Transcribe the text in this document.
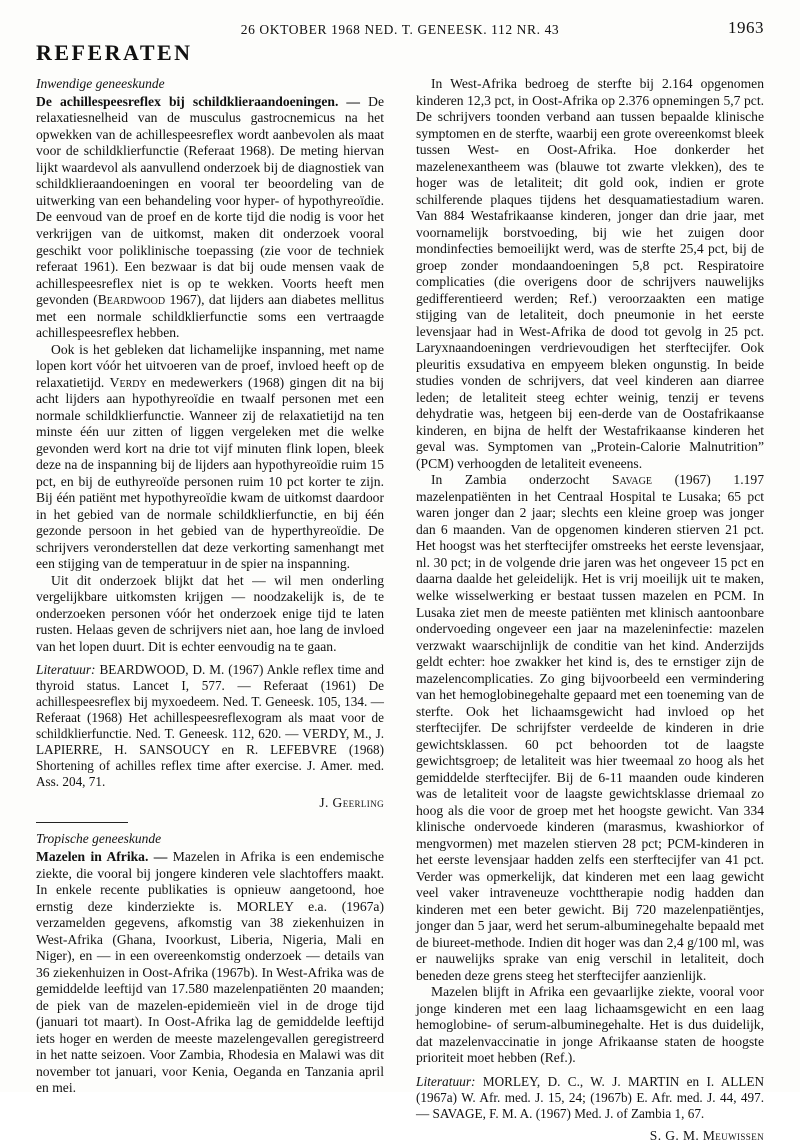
26 OKTOBER 1968 NED. T. GENEESK. 112 NR. 43	1963
REFERATEN
Inwendige geneeskunde

De achillespeesreflex bij schildklieraandoeningen. — De relaxatiesnelheid van de musculus gastrocnemicus na het opwekken van de achillespeesreflex wordt aanbevolen als maat voor de schildklierfunctie (Referaat 1968). De meting hiervan lijkt waardevol als aanvullend onderzoek bij de diagnostiek van schildklieraandoeningen en vooral ter beoordeling van de uitwerking van een behandeling voor hyper- of hypothyreoïdie. De eenvoud van de proef en de korte tijd die nodig is voor het verkrijgen van de uitkomst, maken dit onderzoek vooral geschikt voor poliklinische toepassing (zie voor de techniek referaat 1961). Een bezwaar is dat bij oude mensen vaak de achillespeesreflex niet is op te wekken. Voorts heeft men gevonden (Beardwood 1967), dat lijders aan diabetes mellitus met een normale schildklierfunctie soms een vertraagde achillespeesreflex hebben.

Ook is het gebleken dat lichamelijke inspanning, met name lopen kort vóór het uitvoeren van de proef, invloed heeft op de relaxatietijd. Verdy en medewerkers (1968) gingen dit na bij acht lijders aan hypothyreoïdie en twaalf personen met een normale schildklierfunctie. Wanneer zij de relaxatietijd na ten minste één uur zitten of liggen vergeleken met die welke gevonden werd kort na drie tot vijf minuten flink lopen, bleek deze na de inspanning bij de lijders aan hypothyreoïdie ruim 15 pct, en bij de euthyreoïde personen ruim 10 pct korter te zijn. Bij één patiënt met hypothyreoïdie kwam de uitkomst daardoor in het gebied van de normale schildklierfunctie, en bij één gezonde persoon in het gebied van de hyperthyreoïdie. De schrijvers veronderstellen dat deze verkorting samenhangt met een stijging van de temperatuur in de spier na inspanning.

Uit dit onderzoek blijkt dat het — wil men onderling vergelijkbare uitkomsten krijgen — noodzakelijk is, de te onderzoeken personen vóór het onderzoek enige tijd te laten rusten. Helaas geven de schrijvers niet aan, hoe lang de invloed van het lopen duurt. Dit is echter eenvoudig na te gaan.

Literatuur: BEARDWOOD, D. M. (1967) Ankle reflex time and thyroid status. Lancet I, 577. — Referaat (1961) De achillespeesreflex bij myxoedeem. Ned. T. Geneesk. 105, 134. — Referaat (1968) Het achillespeesreflexogram als maat voor de schildklierfunctie. Ned. T. Geneesk. 112, 620. — VERDY, M., J. LAPIERRE, H. SANSOUCY en R. LEFEBVRE (1968) Shortening of achilles reflex time after exercise. J. Amer. med. Ass. 204, 71.

J. Geerling
Tropische geneeskunde

Mazelen in Afrika. — Mazelen in Afrika is een endemische ziekte, die vooral bij jongere kinderen vele slachtoffers maakt. In enkele recente publikaties is opnieuw aangetoond, hoe ernstig deze kinderziekte is. MORLEY e.a. (1967a) verzamelden gegevens, afkomstig van 38 ziekenhuizen in West-Afrika (Ghana, Ivoorkust, Liberia, Nigeria, Mali en Niger), en — in een overeenkomstig onderzoek — details van 36 ziekenhuizen in Oost-Afrika (1967b). In West-Afrika was de gemiddelde leeftijd van 17.580 mazelenpatiënten 20 maanden; de piek van de mazelen-epidemieën viel in de droge tijd (januari tot maart). In Oost-Afrika lag de gemiddelde leeftijd iets hoger en werden de meeste mazelengevallen geregistreerd in het natte seizoen. Voor Zambia, Rhodesia en Malawi was dit november tot januari, voor Kenia, Oeganda en Tanzania april en mei.

In West-Afrika bedroeg de sterfte bij 2.164 opgenomen kinderen 12,3 pct, in Oost-Afrika op 2.376 opnemingen 5,7 pct. De schrijvers toonden verband aan tussen bepaalde klinische symptomen en de sterfte, waarbij een grote overeenkomst bleek tussen West- en Oost-Afrika. Hoe donkerder het mazelenexantheem was (blauwe tot zwarte vlekken), des te hoger was de letaliteit; dit gold ook, indien er grote schilferende plaques tijdens het desquamatiestadium waren. Van 884 Westafrikaanse kinderen, jonger dan drie jaar, met voornamelijk borstvoeding, bij wie het zuigen door mondinfecties bemoeilijkt werd, was de sterfte 25,4 pct, bij de groep zonder mondaandoeningen 5,8 pct. Respiratoire complicaties (die overigens door de schrijvers nauwelijks gedifferentieerd werden; Ref.) veroorzaakten een matige stijging van de letaliteit, doch pneumonie in het eerste levensjaar had in West-Afrika de dood tot gevolg in 25 pct. Laryxnaandoeningen verdrievoudigen het sterftecijfer. Ook pleuritis exsudativa en empyeem bleken ongunstig. In beide studies vonden de schrijvers, dat veel kinderen aan diarree leden; de letaliteit steeg echter weinig, tenzij er tevens dehydratie was, hetgeen bij een-derde van de Oostafrikaanse kinderen, en bijna de helft der Westafrikaanse kinderen het geval was. Symptomen van „Protein-Calorie Malnutrition” (PCM) verhoogden de letaliteit eveneens.

In Zambia onderzocht Savage (1967) 1.197 mazelenpatiënten in het Centraal Hospital te Lusaka; 65 pct waren jonger dan 2 jaar; slechts een kleine groep was jonger dan 6 maanden. Van de opgenomen kinderen stierven 21 pct. Het hoogst was het sterftecijfer omstreeks het eerste levensjaar, nl. 30 pct; in de volgende drie jaren was het ongeveer 15 pct en daarna daalde het geleidelijk. Het is vrij moeilijk uit te maken, welke wisselwerking er bestaat tussen mazelen en PCM. In Lusaka ziet men de meeste patiënten met klinisch aantoonbare ondervoeding ongeveer een jaar na mazeleninfectie: mazelen verzwakt waarschijnlijk de conditie van het kind. Anderzijds geldt echter: hoe zwakker het kind is, des te ernstiger zijn de mazelencomplicaties. Zo ging bijvoorbeeld een vermindering van het hemoglobinegehalte gepaard met een toeneming van de sterfte. Ook het lichaamsgewicht had invloed op het sterftecijfer. De schrijfster verdeelde de kinderen in drie gewichtsklassen. 60 pct behoorden tot de laagste gewichtsgroep; de letaliteit was hier tweemaal zo hoog als het gemiddelde sterftecijfer. Bij de 6-11 maanden oude kinderen was de letaliteit voor de laagste gewichtsklasse driemaal zo hoog als die voor de groep met het hoogste gewicht. Van 334 klinische ondervoede kinderen (marasmus, kwashiorkor of mengvormen) met mazelen stierven 28 pct; PCM-kinderen in het eerste levensjaar hadden zelfs een sterftecijfer van 41 pct. Verder was opmerkelijk, dat kinderen met een laag gewicht veel vaker intraveneuze vochttherapie nodig hadden dan kinderen met een beter gewicht. Bij 720 mazelenpatiëntjes, jonger dan 5 jaar, werd het serum-albuminegehalte bepaald met de biureet-methode. Indien dit hoger was dan 2,4 g/100 ml, was er nauwelijks sprake van enig verschil in letaliteit, doch beneden deze grens steeg het sterftecijfer aanzienlijk.

Mazelen blijft in Afrika een gevaarlijke ziekte, vooral voor jonge kinderen met een laag lichaamsgewicht en een laag hemoglobine- of serum-albuminegehalte. Het is dus duidelijk, dat mazelenvaccinatie in jonge Afrikaanse staten de hoogste prioriteit moet hebben (Ref.).

Literatuur: MORLEY, D. C., W. J. MARTIN en I. ALLEN (1967a) W. Afr. med. J. 15, 24; (1967b) E. Afr. med. J. 44, 497. — SAVAGE, F. M. A. (1967) Med. J. of Zambia 1, 67.

S. G. M. Meuwissen
